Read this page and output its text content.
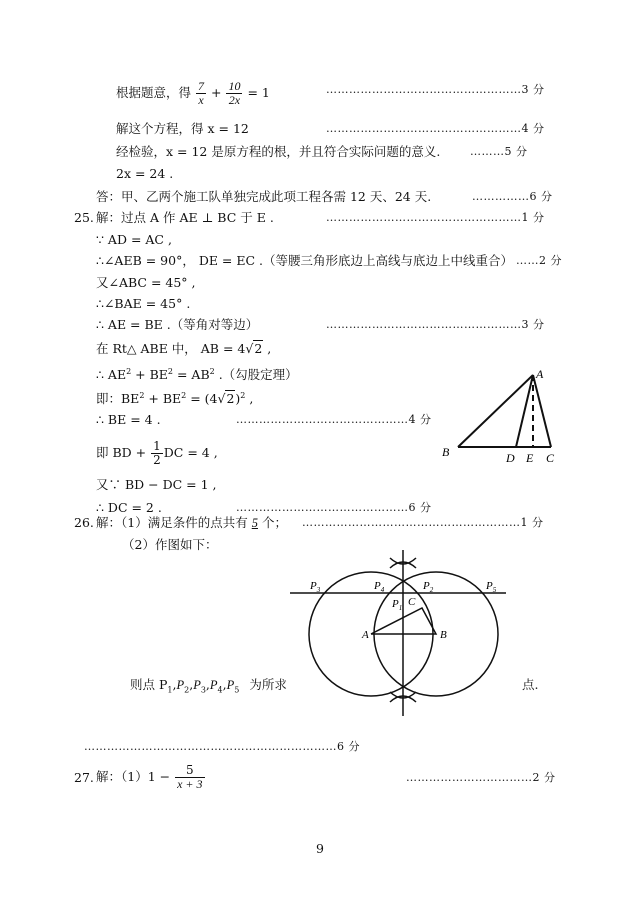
根据题意，得 $\frac{7}{x} + \frac{10}{2x} = 1$	……………………………………………3 分
解这个方程，得 x = 12	……………………………………………4 分
经检验，x = 12 是原方程的根，并且符合实际问题的意义.	………5 分
2x = 24 .
答：甲、乙两个施工队单独完成此项工程各需 12 天、24 天.	……………6 分
25. 解：过点 A 作 AE ⊥ BC 于 E .	……………………………………………1 分
∵ AD = AC ,
∴∠AEB = 90°， DE = EC .（等腰三角形底边上高线与底边上中线重合） ……2 分
又∠ABC = 45° ,
∴∠BAE = 45° .
∴ AE = BE .（等角对等边）	……………………………………………3 分
在 Rt△ ABE 中， AB = 4√2 ,
∴ $AE^2 + BE^2 = AB^2$ .（勾股定理）
即：$BE^2 + BE^2 = (4√2)^2$ ,
∴ BE = 4 .	………………………………………4 分
即 BD + $\frac{1}{2}$ DC = 4 ,
又∵ BD − DC = 1 ,
∴ DC = 2 .	………………………………………6 分
A
B	D E C
26. 解：（1）满足条件的点共有 5 个； …………………………………………………1 分
（2）作图如下：
$P_3$	$P_4$	$P_2$	$P_5$
$P_1$ C
A	B
则点 $P_1,P_2,P_3,P_4,P_5$ 为所求	点.
…………………………………………………………6 分
27. 解：$(1)1 - \frac{5}{x + 3}$	……………………………2 分
9
